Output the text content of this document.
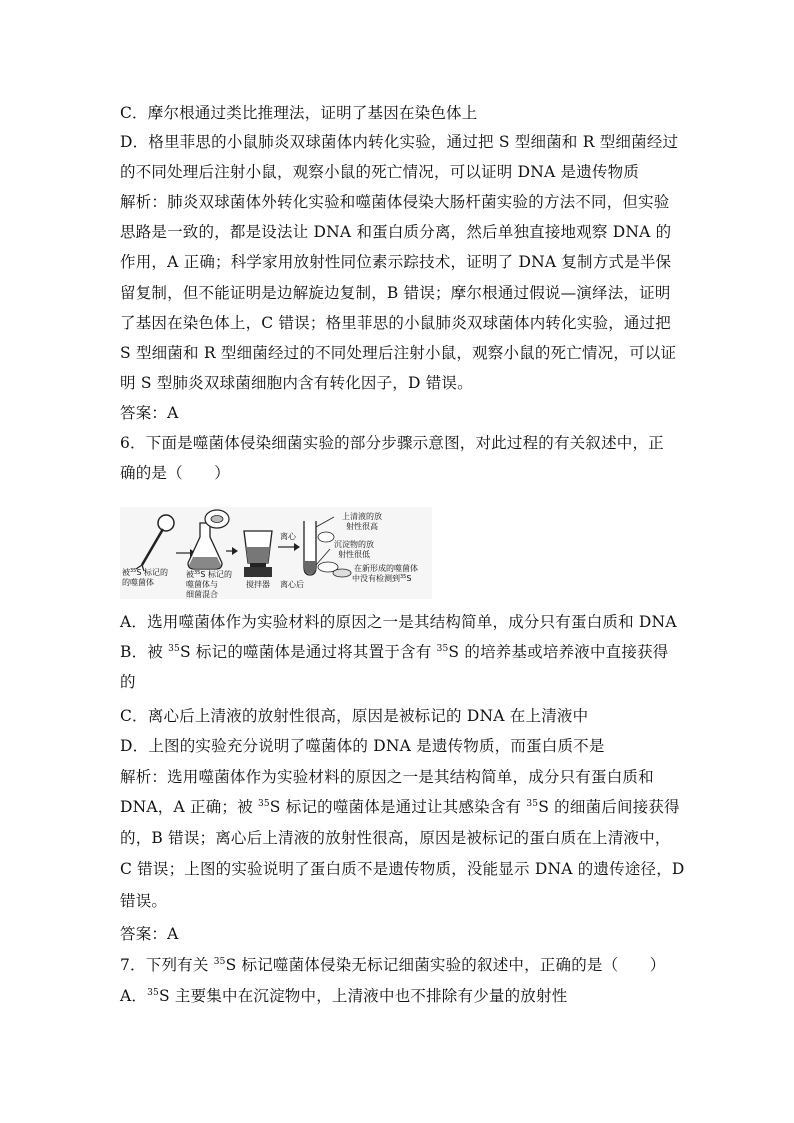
C．摩尔根通过类比推理法，证明了基因在染色体上
D．格里菲思的小鼠肺炎双球菌体内转化实验，通过把 S 型细菌和 R 型细菌经过
的不同处理后注射小鼠，观察小鼠的死亡情况，可以证明 DNA 是遗传物质
解析：肺炎双球菌体外转化实验和噬菌体侵染大肠杆菌实验的方法不同，但实验
思路是一致的，都是设法让 DNA 和蛋白质分离，然后单独直接地观察 DNA 的
作用，A 正确；科学家用放射性同位素示踪技术，证明了 DNA 复制方式是半保
留复制，但不能证明是边解旋边复制，B 错误；摩尔根通过假说—演绎法，证明
了基因在染色体上，C 错误；格里菲思的小鼠肺炎双球菌体内转化实验，通过把
S 型细菌和 R 型细菌经过的不同处理后注射小鼠，观察小鼠的死亡情况，可以证
明 S 型肺炎双球菌细胞内含有转化因子，D 错误。
答案：A
6．下面是噬菌体侵染细菌实验的部分步骤示意图，对此过程的有关叙述中，正
确的是（　　）
被$^{35}$S 标记的
的噬菌体
被$^{35}$S 标记的
噬菌体与
细菌混合
搅拌器
离心
离心后
上清液的放
射性很高
沉淀物的放
射性很低
在新形成的噬菌体
中没有检测到$^{35}$S
A．选用噬菌体作为实验材料的原因之一是其结构简单，成分只有蛋白质和 DNA
B．被 $^{35}$S 标记的噬菌体是通过将其置于含有 $^{35}$S 的培养基或培养液中直接获得
的
C．离心后上清液的放射性很高，原因是被标记的 DNA 在上清液中
D．上图的实验充分说明了噬菌体的 DNA 是遗传物质，而蛋白质不是
解析：选用噬菌体作为实验材料的原因之一是其结构简单，成分只有蛋白质和
DNA，A 正确；被 $^{35}$S 标记的噬菌体是通过让其感染含有 $^{35}$S 的细菌后间接获得
的，B 错误；离心后上清液的放射性很高，原因是被标记的蛋白质在上清液中，
C 错误；上图的实验说明了蛋白质不是遗传物质，没能显示 DNA 的遗传途径，D
错误。
答案：A
7．下列有关 $^{35}$S 标记噬菌体侵染无标记细菌实验的叙述中，正确的是（　　）
A．$^{35}$S 主要集中在沉淀物中，上清液中也不排除有少量的放射性
